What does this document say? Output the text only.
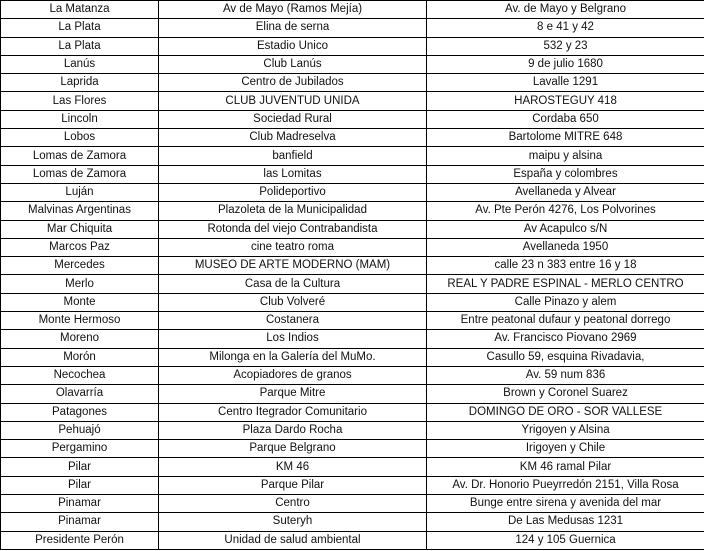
La Matanza	Av de Mayo (Ramos Mejía)	Av. de Mayo y Belgrano
La Plata	Elina de serna	8 e 41 y 42
La Plata	Estadio Unico	532 y 23
Lanús	Club Lanús	9 de julio 1680
Laprida	Centro de Jubilados	Lavalle 1291
Las Flores	CLUB JUVENTUD UNIDA	HAROSTEGUY 418
Lincoln	Sociedad Rural	Cordaba 650
Lobos	Club Madreselva	Bartolome MITRE 648
Lomas de Zamora	banfield	maipu y alsina
Lomas de Zamora	las Lomitas	España y colombres
Luján	Polideportivo	Avellaneda y Alvear
Malvinas Argentinas	Plazoleta de la Municipalidad	Av. Pte Perón 4276, Los Polvorines
Mar Chiquita	Rotonda del viejo Contrabandista	Av Acapulco s/N
Marcos Paz	cine teatro roma	Avellaneda 1950
Mercedes	MUSEO DE ARTE MODERNO (MAM)	calle 23 n 383 entre 16 y 18
Merlo	Casa de la Cultura	REAL Y PADRE ESPINAL - MERLO CENTRO
Monte	Club Volveré	Calle Pinazo y alem
Monte Hermoso	Costanera	Entre peatonal dufaur y peatonal dorrego
Moreno	Los Indios	Av. Francisco Piovano 2969
Morón	Milonga en la Galería del MuMo.	Casullo 59, esquina Rivadavia,
Necochea	Acopiadores de granos	Av. 59 num 836
Olavarría	Parque Mitre	Brown y Coronel Suarez
Patagones	Centro Itegrador Comunitario	DOMINGO DE ORO - SOR VALLESE
Pehuajó	Plaza Dardo Rocha	Yrigoyen y Alsina
Pergamino	Parque Belgrano	Irigoyen y Chile
Pilar	KM 46	KM 46 ramal Pilar
Pilar	Parque Pilar	Av. Dr. Honorio Pueyrredón 2151, Villa Rosa
Pinamar	Centro	Bunge entre sirena y avenida del mar
Pinamar	Suteryh	De Las Medusas 1231
Presidente Perón	Unidad de salud ambiental	124 y 105 Guernica
